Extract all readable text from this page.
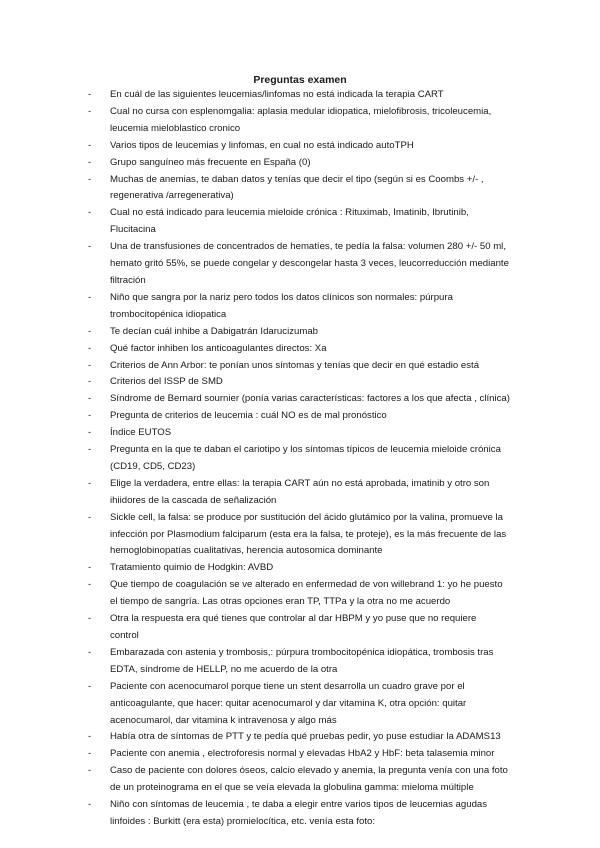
Preguntas examen
-	En cuál de las siguientes leucemias/linfomas no está indicada la terapia CART
-	Cual no cursa con esplenomgalia: aplasia medular idiopatica, mielofibrosis, tricoleucemia,
leucemia mieloblastico cronico
-	Varios tipos de leucemias y linfomas, en cual no está indicado autoTPH
-	Grupo sanguíneo más frecuente en España (0)
-	Muchas de anemias, te daban datos y tenías que decir el tipo (según si es Coombs +/- ,
regenerativa /arregenerativa)
-	Cual no está indicado para leucemia mieloide crónica : Rituximab, Imatinib, Ibrutinib,
Flucitacina
-	Una de transfusiones de concentrados de hematíes, te pedía la falsa: volumen 280 +/- 50 ml,
hemato gritó 55%, se puede congelar y descongelar hasta 3 veces, leucorreducción mediante
filtración
-	Niño que sangra por la nariz pero todos los datos clínicos son normales: púrpura
trombocitopénica idiopatica
-	Te decían cuál inhibe a Dabigatrán Idarucizumab
-	Qué factor inhiben los anticoagulantes directos: Xa
-	Criterios de Ann Arbor: te ponían unos síntomas y tenías que decir en qué estadio está
-	Criterios del ISSP de SMD
-	Síndrome de Bernard sournier (ponía varias características: factores a los que afecta , clínica)
-	Pregunta de criterios de leucemia : cuál NO es de mal pronóstico
-	Índice EUTOS
-	Pregunta en la que te daban el cariotipo y los síntomas típicos de leucemia mieloide crónica
(CD19, CD5, CD23)
-	Elige la verdadera, entre ellas: la terapia CART aún no está aprobada, imatinib y otro son
ihiidores de la cascada de señalización
-	Sickle cell, la falsa: se produce por sustitución del ácido glutámico por la valina, promueve la
infección por Plasmodium falciparum (esta era la falsa, te proteje), es la más frecuente de las
hemoglobinopatías cualitativas, herencia autosomica dominante
-	Tratamiento quimio de Hodgkin: AVBD
-	Que tiempo de coagulación se ve alterado en enfermedad de von willebrand 1: yo he puesto
el tiempo de sangría. Las otras opciones eran TP, TTPa y la otra no me acuerdo
-	Otra la respuesta era qué tienes que controlar al dar HBPM y yo puse que no requiere
control
-	Embarazada con astenia y trombosis,: púrpura trombocitopénica idiopática, trombosis tras
EDTA, síndrome de HELLP, no me acuerdo de la otra
-	Paciente con acenocumarol porque tiene un stent desarrolla un cuadro grave por el
anticoagulante, que hacer: quitar acenocumarol y dar vitamina K, otra opción: quitar
acenocumarol, dar vitamina k intravenosa y algo más
-	Había otra de síntomas de PTT y te pedía qué pruebas pedir, yo puse estudiar la ADAMS13
-	Paciente con anemia , electroforesis normal y elevadas HbA2 y HbF: beta talasemia minor
-	Caso de paciente con dolores óseos, calcio elevado y anemia, la pregunta venía con una foto
de un proteinograma en el que se veía elevada la globulina gamma: mieloma múltiple
-	Niño con síntomas de leucemia , te daba a elegir entre varios tipos de leucemias agudas
linfoides : Burkitt (era esta) promielocítica, etc. venía esta foto:
